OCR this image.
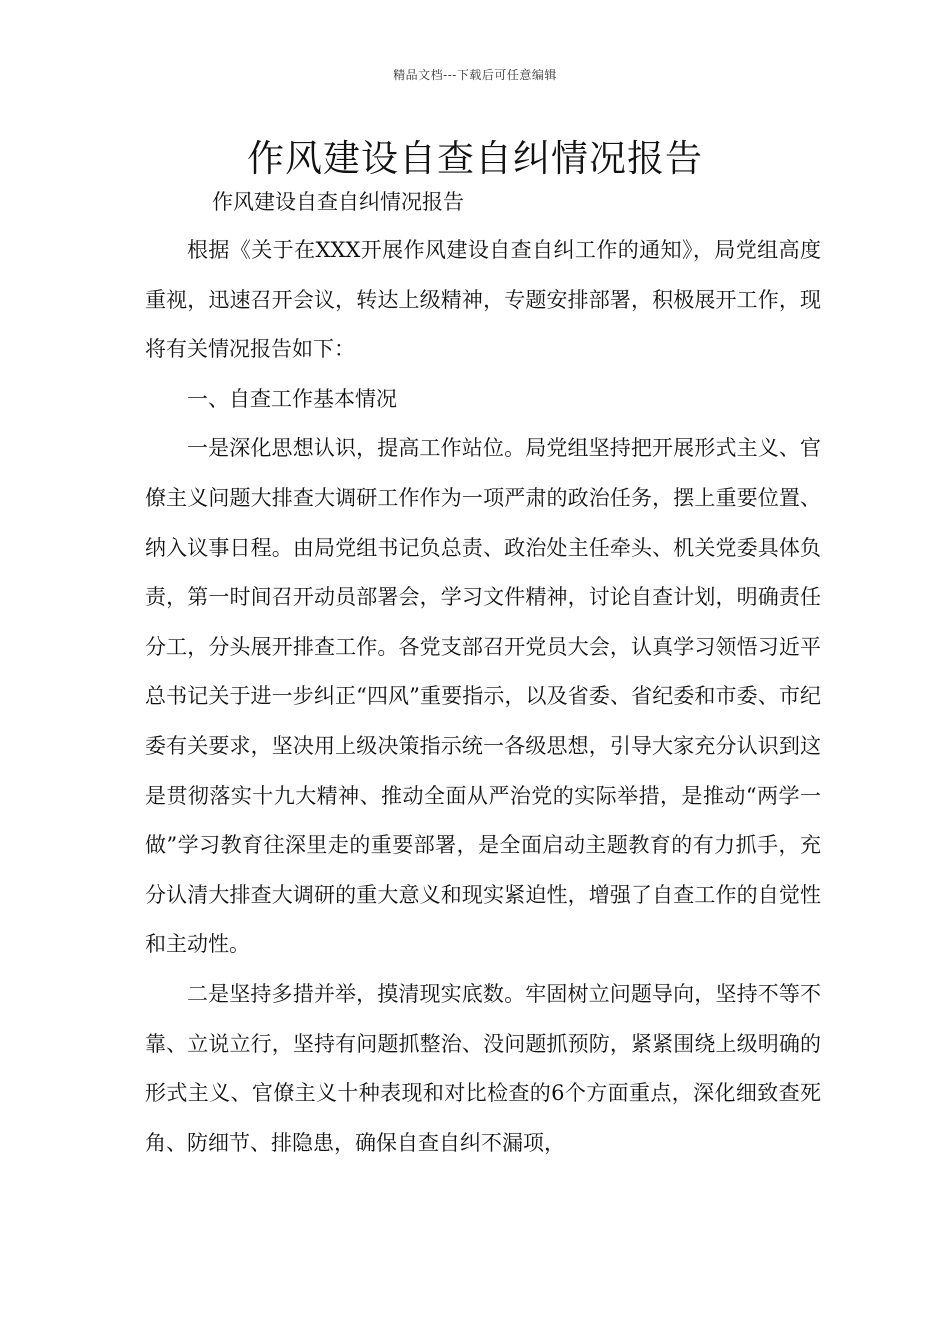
精品文档---下载后可任意编辑
作风建设自查自纠情况报告
作风建设自查自纠情况报告

根据《关于在XXX开展作风建设自查自纠工作的通知》，局党组高度重视，迅速召开会议，转达上级精神，专题安排部署，积极展开工作，现将有关情况报告如下：

一、自查工作基本情况

一是深化思想认识，提高工作站位。局党组坚持把开展形式主义、官僚主义问题大排查大调研工作作为一项严肃的政治任务，摆上重要位置、纳入议事日程。由局党组书记负总责、政治处主任牵头、机关党委具体负责，第一时间召开动员部署会，学习文件精神，讨论自查计划，明确责任分工，分头展开排查工作。各党支部召开党员大会，认真学习领悟习近平总书记关于进一步纠正“四风”重要指示，以及省委、省纪委和市委、市纪委有关要求，坚决用上级决策指示统一各级思想，引导大家充分认识到这是贯彻落实十九大精神、推动全面从严治党的实际举措，是推动“两学一做”学习教育往深里走的重要部署，是全面启动主题教育的有力抓手，充分认清大排查大调研的重大意义和现实紧迫性，增强了自查工作的自觉性和主动性。

二是坚持多措并举，摸清现实底数。牢固树立问题导向，坚持不等不靠、立说立行，坚持有问题抓整治、没问题抓预防，紧紧围绕上级明确的形式主义、官僚主义十种表现和对比检查的6个方面重点，深化细致查死角、防细节、排隐患，确保自查自纠不漏项，
